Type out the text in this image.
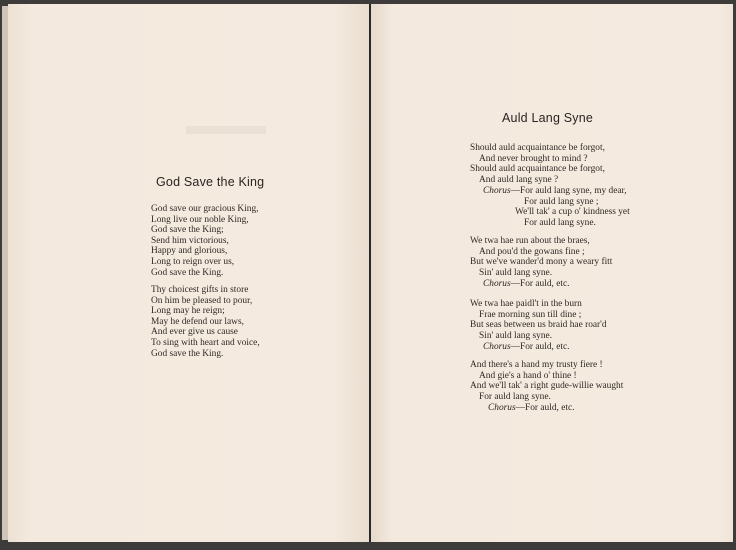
God Save the King
God save our gracious King,
Long live our noble King,
God save the King;
Send him victorious,
Happy and glorious,
Long to reign over us,
God save the King.
Thy choicest gifts in store
On him be pleased to pour,
Long may he reign;
May he defend our laws,
And ever give us cause
To sing with heart and voice,
God save the King.
Auld Lang Syne
Should auld acquaintance be forgot,
And never brought to mind ?
Should auld acquaintance be forgot,
And auld lang syne ?
Chorus—For auld lang syne, my dear,
For auld lang syne ;
We'll tak' a cup o' kindness yet
For auld lang syne.
We twa hae run about the braes,
And pou'd the gowans fine ;
But we've wander'd mony a weary fitt
Sin' auld lang syne.
Chorus—For auld, etc.
We twa hae paidl't in the burn
Frae morning sun till dine ;
But seas between us braid hae roar'd
Sin' auld lang syne.
Chorus—For auld, etc.
And there's a hand my trusty fiere !
And gie's a hand o' thine !
And we'll tak' a right gude-willie waught
For auld lang syne.
Chorus—For auld, etc.
